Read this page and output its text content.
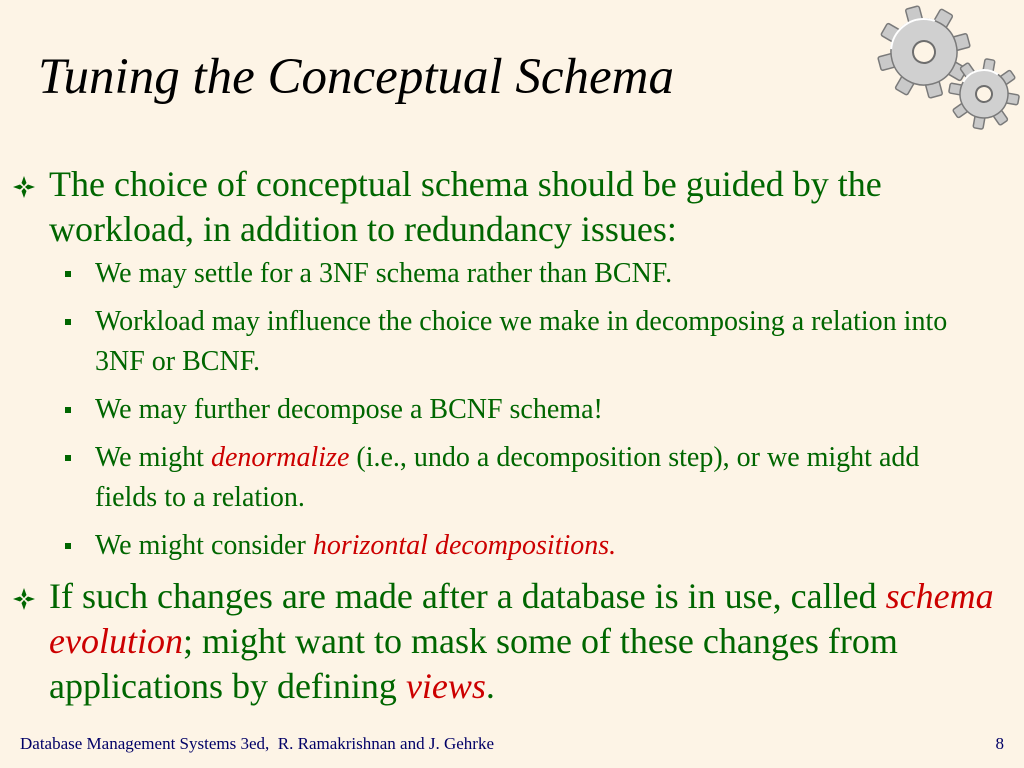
Tuning the Conceptual Schema
The choice of conceptual schema should be guided by the workload, in addition to redundancy issues:
We may settle for a 3NF schema rather than BCNF.
Workload may influence the choice we make in decomposing a relation into 3NF or BCNF.
We may further decompose a BCNF schema!
We might denormalize (i.e., undo a decomposition step), or we might add fields to a relation.
We might consider horizontal decompositions.
If such changes are made after a database is in use, called schema evolution; might want to mask some of these changes from applications by defining views.
Database Management Systems 3ed,  R. Ramakrishnan and J. Gehrke	8
